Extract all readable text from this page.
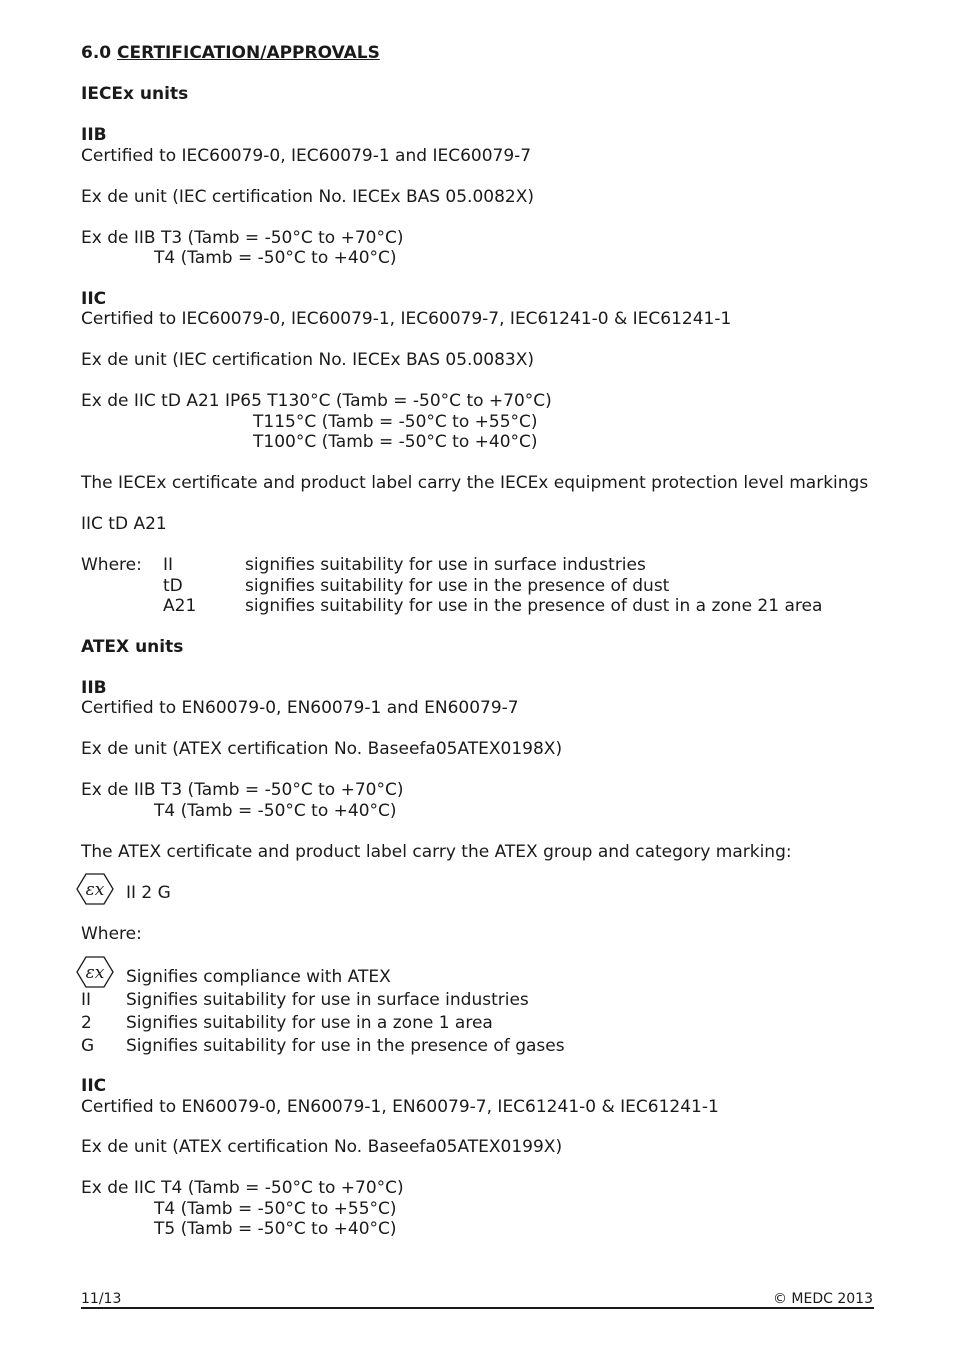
6.0 CERTIFICATION/APPROVALS
IECEx units
IIB
Certified to IEC60079-0, IEC60079-1 and IEC60079-7
Ex de unit (IEC certification No. IECEx BAS 05.0082X)
Ex de IIB T3 (Tamb = -50°C to +70°C)
T4 (Tamb = -50°C to +40°C)
IIC
Certified to IEC60079-0, IEC60079-1, IEC60079-7, IEC61241-0 & IEC61241-1
Ex de unit (IEC certification No. IECEx BAS 05.0083X)
Ex de IIC tD A21 IP65 T130°C (Tamb = -50°C to +70°C)
T115°C (Tamb = -50°C to +55°C)
T100°C (Tamb = -50°C to +40°C)
The IECEx certificate and product label carry the IECEx equipment protection level markings
IIC tD A21
Where: II	signifies suitability for use in surface industries
tD	signifies suitability for use in the presence of dust
A21	signifies suitability for use in the presence of dust in a zone 21 area
ATEX units
IIB
Certified to EN60079-0, EN60079-1 and EN60079-7
Ex de unit (ATEX certification No. Baseefa05ATEX0198X)
Ex de IIB T3 (Tamb = -50°C to +70°C)
T4 (Tamb = -50°C to +40°C)
The ATEX certificate and product label carry the ATEX group and category marking:
εx II 2 G
Where:
εx Signifies compliance with ATEX
II Signifies suitability for use in surface industries
2 Signifies suitability for use in a zone 1 area
G Signifies suitability for use in the presence of gases
IIC
Certified to EN60079-0, EN60079-1, EN60079-7, IEC61241-0 & IEC61241-1
Ex de unit (ATEX certification No. Baseefa05ATEX0199X)
Ex de IIC T4 (Tamb = -50°C to +70°C)
T4 (Tamb = -50°C to +55°C)
T5 (Tamb = -50°C to +40°C)
11/13	© MEDC 2013
